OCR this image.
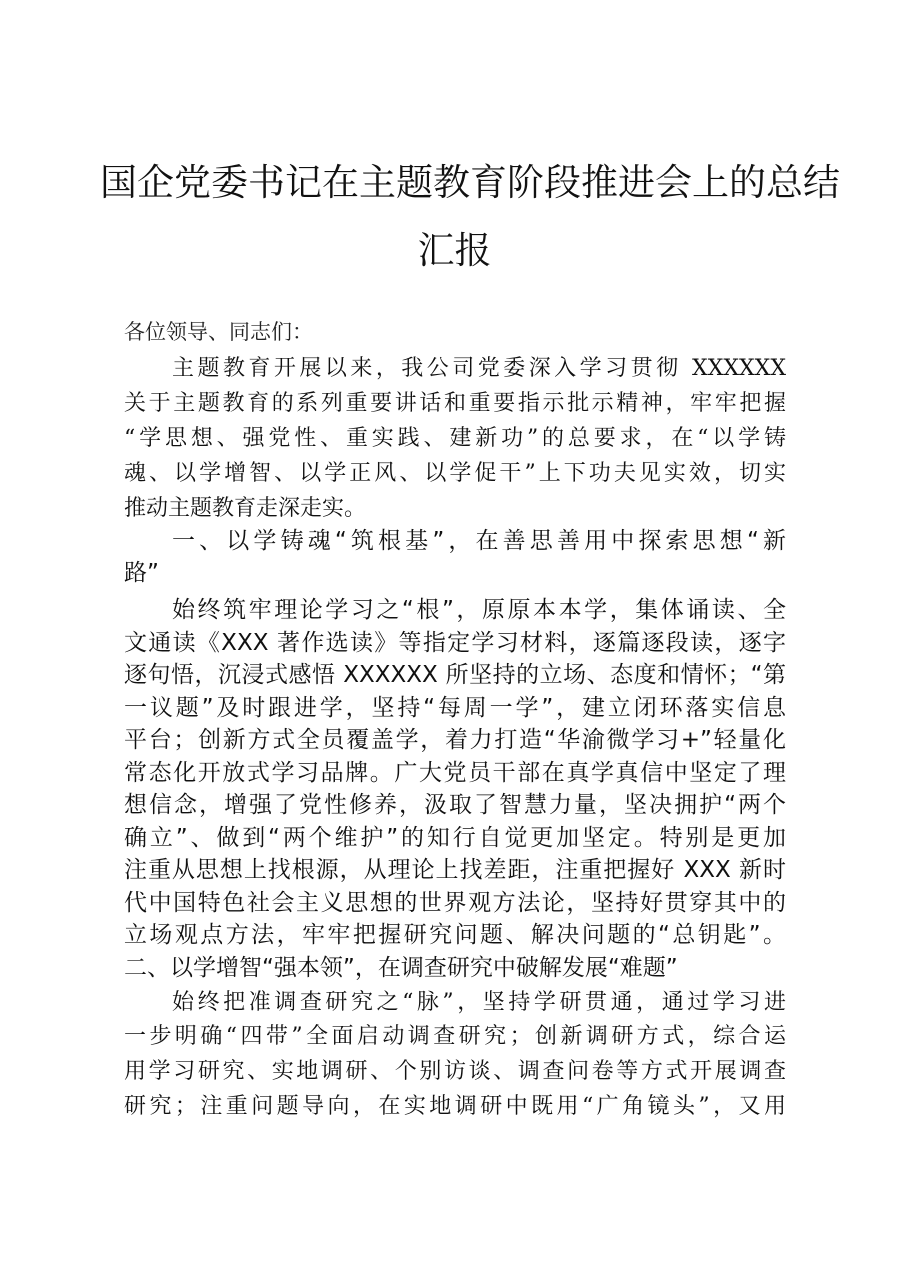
国企党委书记在主题教育阶段推进会上的总结
汇报
各位领导、同志们：
主题教育开展以来，我公司党委深入学习贯彻 XXXXXX
关于主题教育的系列重要讲话和重要指示批示精神，牢牢把握
“学思想、强党性、重实践、建新功”的总要求，在“以学铸
魂、以学增智、以学正风、以学促干”上下功夫见实效，切实
推动主题教育走深走实。
一、以学铸魂“筑根基”，在善思善用中探索思想“新
路”
始终筑牢理论学习之“根”，原原本本学，集体诵读、全
文通读《XXX 著作选读》等指定学习材料，逐篇逐段读，逐字
逐句悟，沉浸式感悟 XXXXXX 所坚持的立场、态度和情怀；“第
一议题”及时跟进学，坚持“每周一学”，建立闭环落实信息
平台；创新方式全员覆盖学，着力打造“华渝微学习+”轻量化
常态化开放式学习品牌。广大党员干部在真学真信中坚定了理
想信念，增强了党性修养，汲取了智慧力量，坚决拥护“两个
确立”、做到“两个维护”的知行自觉更加坚定。特别是更加
注重从思想上找根源，从理论上找差距，注重把握好 XXX 新时
代中国特色社会主义思想的世界观方法论，坚持好贯穿其中的
立场观点方法，牢牢把握研究问题、解决问题的“总钥匙”。
二、以学增智“强本领”，在调查研究中破解发展“难题”
始终把准调查研究之“脉”，坚持学研贯通，通过学习进
一步明确“四带”全面启动调查研究；创新调研方式，综合运
用学习研究、实地调研、个别访谈、调查问卷等方式开展调查
研究；注重问题导向，在实地调研中既用“广角镜头”，又用
